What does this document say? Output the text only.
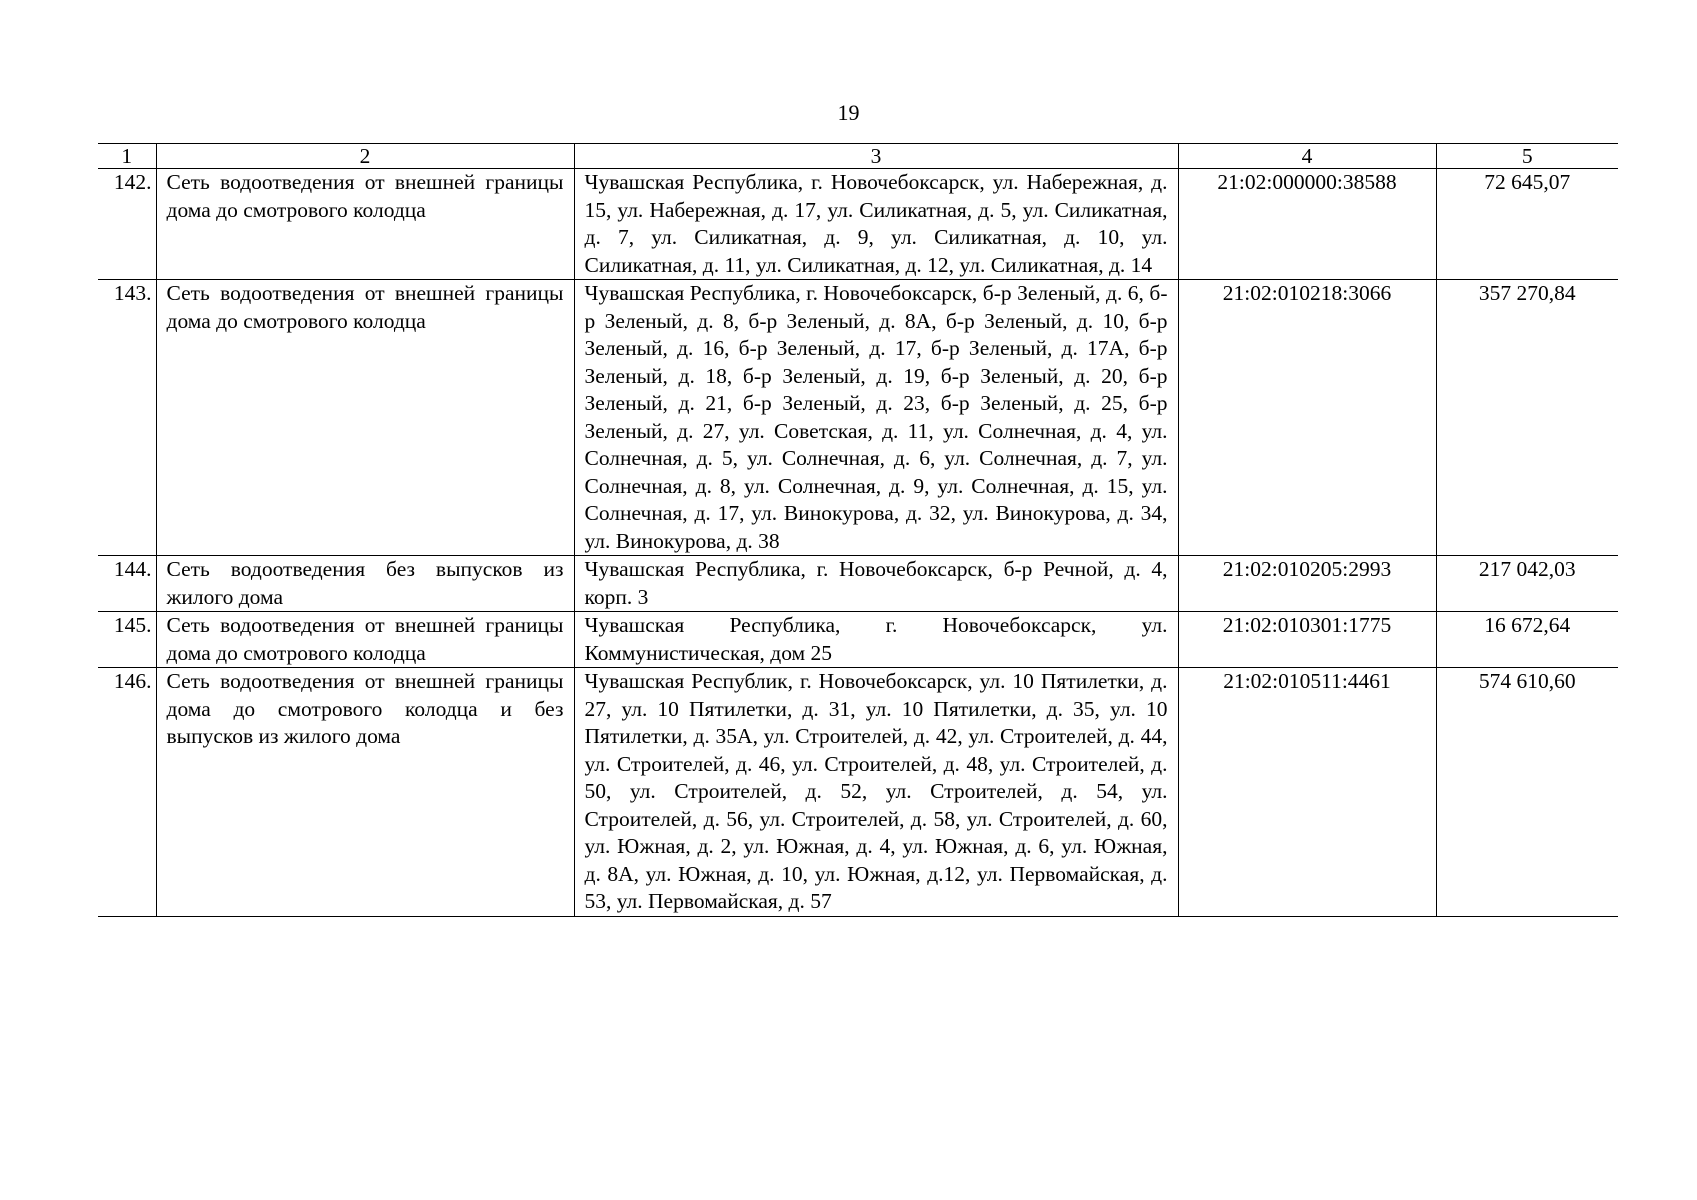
19
1	2	3	4	5
142.	Сеть водоотведения от внешней границы дома до смотрового колодца	Чувашская Республика, г. Новочебоксарск, ул. Набережная, д. 15, ул. Набережная, д. 17, ул. Силикатная, д. 5, ул. Силикатная, д. 7, ул. Силикатная, д. 9, ул. Силикатная, д. 10, ул. Силикатная, д. 11, ул. Силикатная, д. 12, ул. Силикатная, д. 14	21:02:000000:38588	72 645,07
143.	Сеть водоотведения от внешней границы дома до смотрового колодца	Чувашская Республика, г. Новочебоксарск, б-р Зеленый, д. 6, б-р Зеленый, д. 8, б-р Зеленый, д. 8А, б-р Зеленый, д. 10, б-р Зеленый, д. 16, б-р Зеленый, д. 17, б-р Зеленый, д. 17А, б-р Зеленый, д. 18, б-р Зеленый, д. 19, б-р Зеленый, д. 20, б-р Зеленый, д. 21, б-р Зеленый, д. 23, б-р Зеленый, д. 25, б-р Зеленый, д. 27, ул. Советская, д. 11, ул. Солнечная, д. 4, ул. Солнечная, д. 5, ул. Солнечная, д. 6, ул. Солнечная, д. 7, ул. Солнечная, д. 8, ул. Солнечная, д. 9, ул. Солнечная, д. 15, ул. Солнечная, д. 17, ул. Винокурова, д. 32, ул. Винокурова, д. 34, ул. Винокурова, д. 38	21:02:010218:3066	357 270,84
144.	Сеть водоотведения без выпусков из жилого дома	Чувашская Республика, г. Новочебоксарск, б-р Речной, д. 4, корп. 3	21:02:010205:2993	217 042,03
145.	Сеть водоотведения от внешней границы дома до смотрового колодца	Чувашская Республика, г. Новочебоксарск, ул. Коммунистическая, дом 25	21:02:010301:1775	16 672,64
146.	Сеть водоотведения от внешней границы дома до смотрового колодца и без выпусков из жилого дома	Чувашская Республик, г. Новочебоксарск, ул. 10 Пятилетки, д. 27, ул. 10 Пятилетки, д. 31, ул. 10 Пятилетки, д. 35, ул. 10 Пятилетки, д. 35А, ул. Строителей, д. 42, ул. Строителей, д. 44, ул. Строителей, д. 46, ул. Строителей, д. 48, ул. Строителей, д. 50, ул. Строителей, д. 52, ул. Строителей, д. 54, ул. Строителей, д. 56, ул. Строителей, д. 58, ул. Строителей, д. 60, ул. Южная, д. 2, ул. Южная, д. 4, ул. Южная, д. 6, ул. Южная, д. 8А, ул. Южная, д. 10, ул. Южная, д.12, ул. Первомайская, д. 53, ул. Первомайская, д. 57	21:02:010511:4461	574 610,60
